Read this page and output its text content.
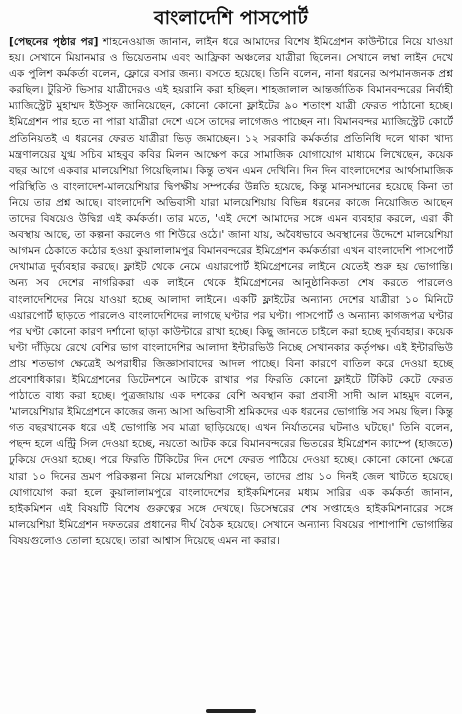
বাংলাদেশি পাসপোর্ট

[পেছনের পৃষ্ঠার পর] শাহনেওয়াজ জানান, লাইন ধরে আমাদের বিশেষ ইমিগ্রেশন কাউন্টারে নিয়ে যাওয়া হয়। সেখানে মিয়ানমার ও ভিয়েতনাম এবং আফ্রিকা অঞ্চলের যাত্রীরা ছিলেন। সেখানে লম্বা লাইন দেখে এক পুলিশ কর্মকর্তা বলেন, ফ্লোরে বসার জন্য। বসতে হয়েছে। তিনি বলেন, নানা ধরনের অপমানজনক প্রশ্ন করছিল। টুরিস্ট ভিসার যাত্রীদেরও এই হয়রানি করা হচ্ছিল। শাহজালাল আন্তর্জাতিক বিমানবন্দরের নির্বাহী ম্যাজিস্ট্রেট মুহাম্মদ ইউসুফ জানিয়েছেন, কোনো কোনো ফ্লাইটের ৯০ শতাংশ যাত্রী ফেরত পাঠানো হচ্ছে। ইমিগ্রেশন পার হতে না পারা যাত্রীরা দেশে এসে তাদের লাগেজও পাচ্ছেন না। বিমানবন্দর ম্যাজিস্ট্রেট কোর্টে প্রতিনিয়তই এ ধরনের ফেরত যাত্রীরা ভিড় জমাচ্ছেন। ১২ সরকারি কর্মকর্তার প্রতিনিধি দলে থাকা খাদ্য মন্ত্রণালয়ের যুগ্ম সচিব মাহবুব কবির মিলন আক্ষেপ করে সামাজিক যোগাযোগ মাধ্যমে লিখেছেন, কয়েক বছর আগে একবার মালয়েশিয়া গিয়েছিলাম। কিন্তু তখন এমন দেখিনি। দিন দিন বাংলাদেশের আর্থসামাজিক পরিস্থিতি ও বাংলাদেশ-মালয়েশিয়ার দ্বিপক্ষীয় সম্পর্কের উন্নতি হয়েছে, কিন্তু মানসম্মানের হয়েছে কিনা তা নিয়ে তার প্রশ্ন আছে। বাংলাদেশি অভিবাসী যারা মালয়েশিয়ায় বিভিন্ন ধরনের কাজে নিয়োজিত আছেন তাদের বিষয়েও উদ্বিগ্ন এই কর্মকর্তা। তার মতে, 'এই দেশে আমাদের সঙ্গে এমন ব্যবহার করলে, এরা কী অবস্থায় আছে, তা কল্পনা করলেও গা শিউরে ওঠে।' জানা যায়, অবৈধভাবে অবস্থানের উদ্দেশে মালয়েশিয়া আগমন ঠেকাতে কঠোর হওয়া কুয়ালালামপুর বিমানবন্দরের ইমিগ্রেশন কর্মকর্তারা এখন বাংলাদেশি পাসপোর্ট দেখামাত্র দুর্ব্যবহার করছে। ফ্লাইট থেকে নেমে এয়ারপোর্ট ইমিগ্রেশনের লাইনে যেতেই শুরু হয় ভোগান্তি। অন্য সব দেশের নাগরিকরা এক লাইনে থেকে ইমিগ্রেশনের আনুষ্ঠানিকতা শেষ করতে পারলেও বাংলাদেশিদের নিয়ে যাওয়া হচ্ছে আলাদা লাইনে। একটি ফ্লাইটের অন্যান্য দেশের যাত্রীরা ১০ মিনিটে এয়ারপোর্ট ছাড়তে পারলেও বাংলাদেশিদের লাগছে ঘণ্টার পর ঘণ্টা। পাসপোর্ট ও অন্যান্য কাগজপত্র ঘণ্টার পর ঘণ্টা কোনো কারণ দর্শানো ছাড়া কাউন্টারে রাখা হচ্ছে। কিছু জানতে চাইলে করা হচ্ছে দুর্ব্যবহার। কয়েক ঘণ্টা দাঁড়িয়ে রেখে বেশির ভাগ বাংলাদেশির আলাদা ইন্টারভিউ নিচ্ছে সেখানকার কর্তৃপক্ষ। এই ইন্টারভিউ প্রায় শতভাগ ক্ষেত্রেই অপরাধীর জিজ্ঞাসাবাদের আদল পাচ্ছে। বিনা কারণে বাতিল করে দেওয়া হচ্ছে প্রবেশাধিকার। ইমিগ্রেশনের ডিটেনশনে আটকে রাখার পর ফিরতি কোনো ফ্লাইটে টিকিট কেটে ফেরত পাঠাতে বাধ্য করা হচ্ছে। পুত্রজায়ায় এক দশকের বেশি অবস্থান করা প্রবাসী সাদী আল মাহমুদ বলেন, 'মালয়েশিয়ার ইমিগ্রেশনে কাজের জন্য আসা অভিবাসী শ্রমিকদের এক ধরনের ভোগান্তি সব সময় ছিল। কিন্তু গত বছরখানেক ধরে এই ভোগান্তি সব মাত্রা ছাড়িয়েছে। এখন নির্যাতনের ঘটনাও ঘটছে।' তিনি বলেন, পছন্দ হলে এন্ট্রি সিল দেওয়া হচ্ছে, নয়তো আটক করে বিমানবন্দরের ভিতরের ইমিগ্রেশন ক্যাম্পে (হাজতে) ঢুকিয়ে দেওয়া হচ্ছে। পরে ফিরতি টিকিটের দিন দেশে ফেরত পাঠিয়ে দেওয়া হচ্ছে। কোনো কোনো ক্ষেত্রে যারা ১০ দিনের ভ্রমণ পরিকল্পনা নিয়ে মালয়েশিয়া গেছেন, তাদের প্রায় ১০ দিনই জেল খাটতে হয়েছে। যোগাযোগ করা হলে কুয়ালালামপুরে বাংলাদেশের হাইকমিশনের মধ্যম সারির এক কর্মকর্তা জানান, হাইকমিশন এই বিষয়টি বিশেষ গুরুত্বের সঙ্গে দেখছে। ডিসেম্বরের শেষ সপ্তাহেও হাইকমিশনারের সঙ্গে মালয়েশিয়া ইমিগ্রেশন দফতরের প্রধানের দীর্ঘ বৈঠক হয়েছে। সেখানে অন্যান্য বিষয়ের পাশাপাশি ভোগান্তির বিষয়গুলোও তোলা হয়েছে। তারা আশ্বাস দিয়েছে এমন না করার।
